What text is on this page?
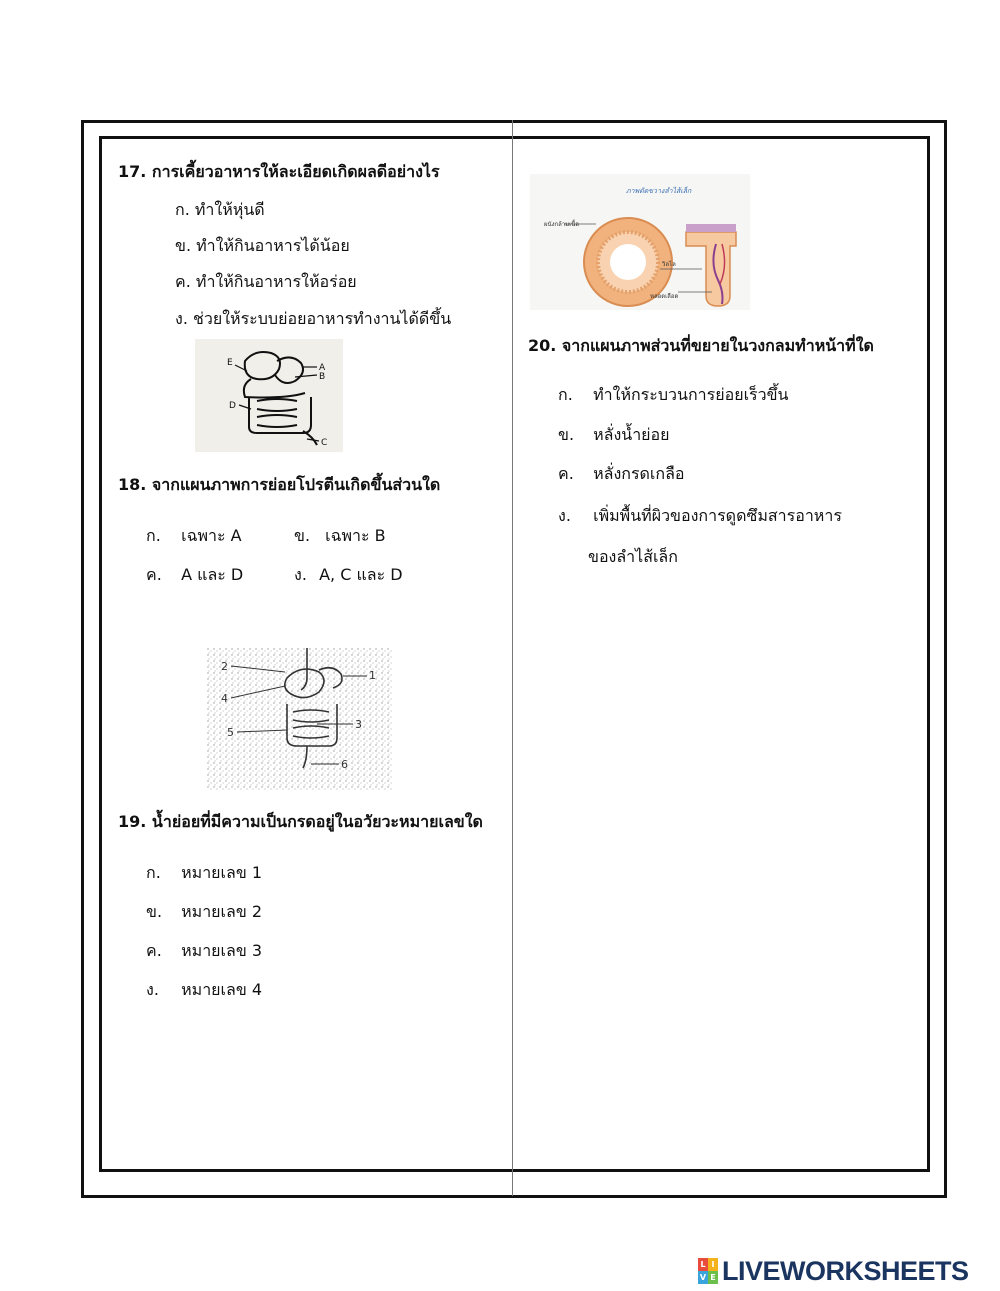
17. การเคี้ยวอาหารให้ละเอียดเกิดผลดีอย่างไร
ก. ทำให้หุ่นดี
ข. ทำให้กินอาหารได้น้อย
ค. ทำให้กินอาหารให้อร่อย
ง. ช่วยให้ระบบย่อยอาหารทำงานได้ดีขึ้น
E	A
B
D
C
18. จากแผนภาพการย่อยโปรตีนเกิดขึ้นส่วนใด
ก. เฉพาะ A	ข. เฉพาะ B
ค. A และ D	ง. A, C และ D
1
2
3
4
5
6
19. น้ำย่อยที่มีความเป็นกรดอยู่ในอวัยวะหมายเลขใด
ก. หมายเลข 1
ข. หมายเลข 2
ค. หมายเลข 3
ง. หมายเลข 4
ภาพตัดขวางลำไส้เล็ก
ผนังกล้ามเนื้อ
วิลไล
หลอดเลือด
20. จากแผนภาพส่วนที่ขยายในวงกลมทำหน้าที่ใด
ก. ทำให้กระบวนการย่อยเร็วขึ้น
ข. หลั่งน้ำย่อย
ค. หลั่งกรดเกลือ
ง. เพิ่มพื้นที่ผิวของการดูดซึมสารอาหาร
ของลำไส้เล็ก
L I
V E LIVEWORKSHEETS
